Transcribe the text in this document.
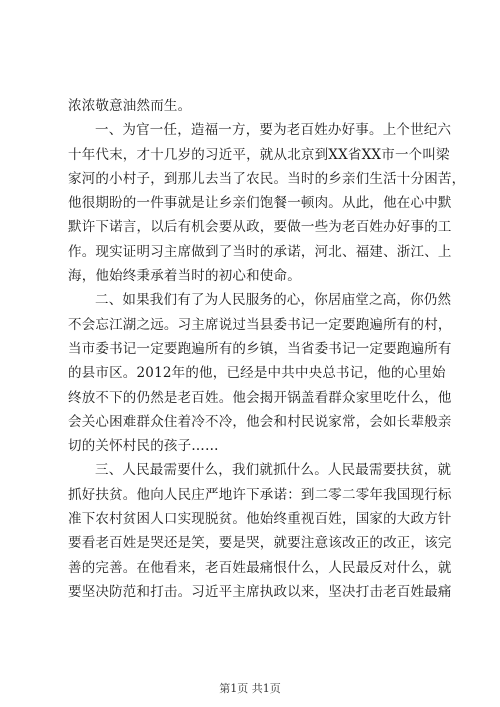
浓浓敬意油然而生。
一、为官一任，造福一方，要为老百姓办好事。上个世纪六
十年代末，才十几岁的习近平，就从北京到XX省XX市一个叫梁
家河的小村子，到那儿去当了农民。当时的乡亲们生活十分困苦，
他很期盼的一件事就是让乡亲们饱餐一顿肉。从此，他在心中默
默许下诺言，以后有机会要从政，要做一些为老百姓办好事的工
作。现实证明习主席做到了当时的承诺，河北、福建、浙江、上
海，他始终秉承着当时的初心和使命。
二、如果我们有了为人民服务的心，你居庙堂之高，你仍然
不会忘江湖之远。习主席说过当县委书记一定要跑遍所有的村，
当市委书记一定要跑遍所有的乡镇，当省委书记一定要跑遍所有
的县市区。2012年的他，已经是中共中央总书记，他的心里始
终放不下的仍然是老百姓。他会揭开锅盖看群众家里吃什么，他
会关心困难群众住着冷不冷，他会和村民说家常，会如长辈般亲
切的关怀村民的孩子……
三、人民最需要什么，我们就抓什么。人民最需要扶贫，就
抓好扶贫。他向人民庄严地许下承诺：到二零二零年我国现行标
准下农村贫困人口实现脱贫。他始终重视百姓，国家的大政方针
要看老百姓是哭还是笑，要是哭，就要注意该改正的改正，该完
善的完善。在他看来，老百姓最痛恨什么，人民最反对什么，就
要坚决防范和打击。习近平主席执政以来，坚决打击老百姓最痛
第1页 共1页
